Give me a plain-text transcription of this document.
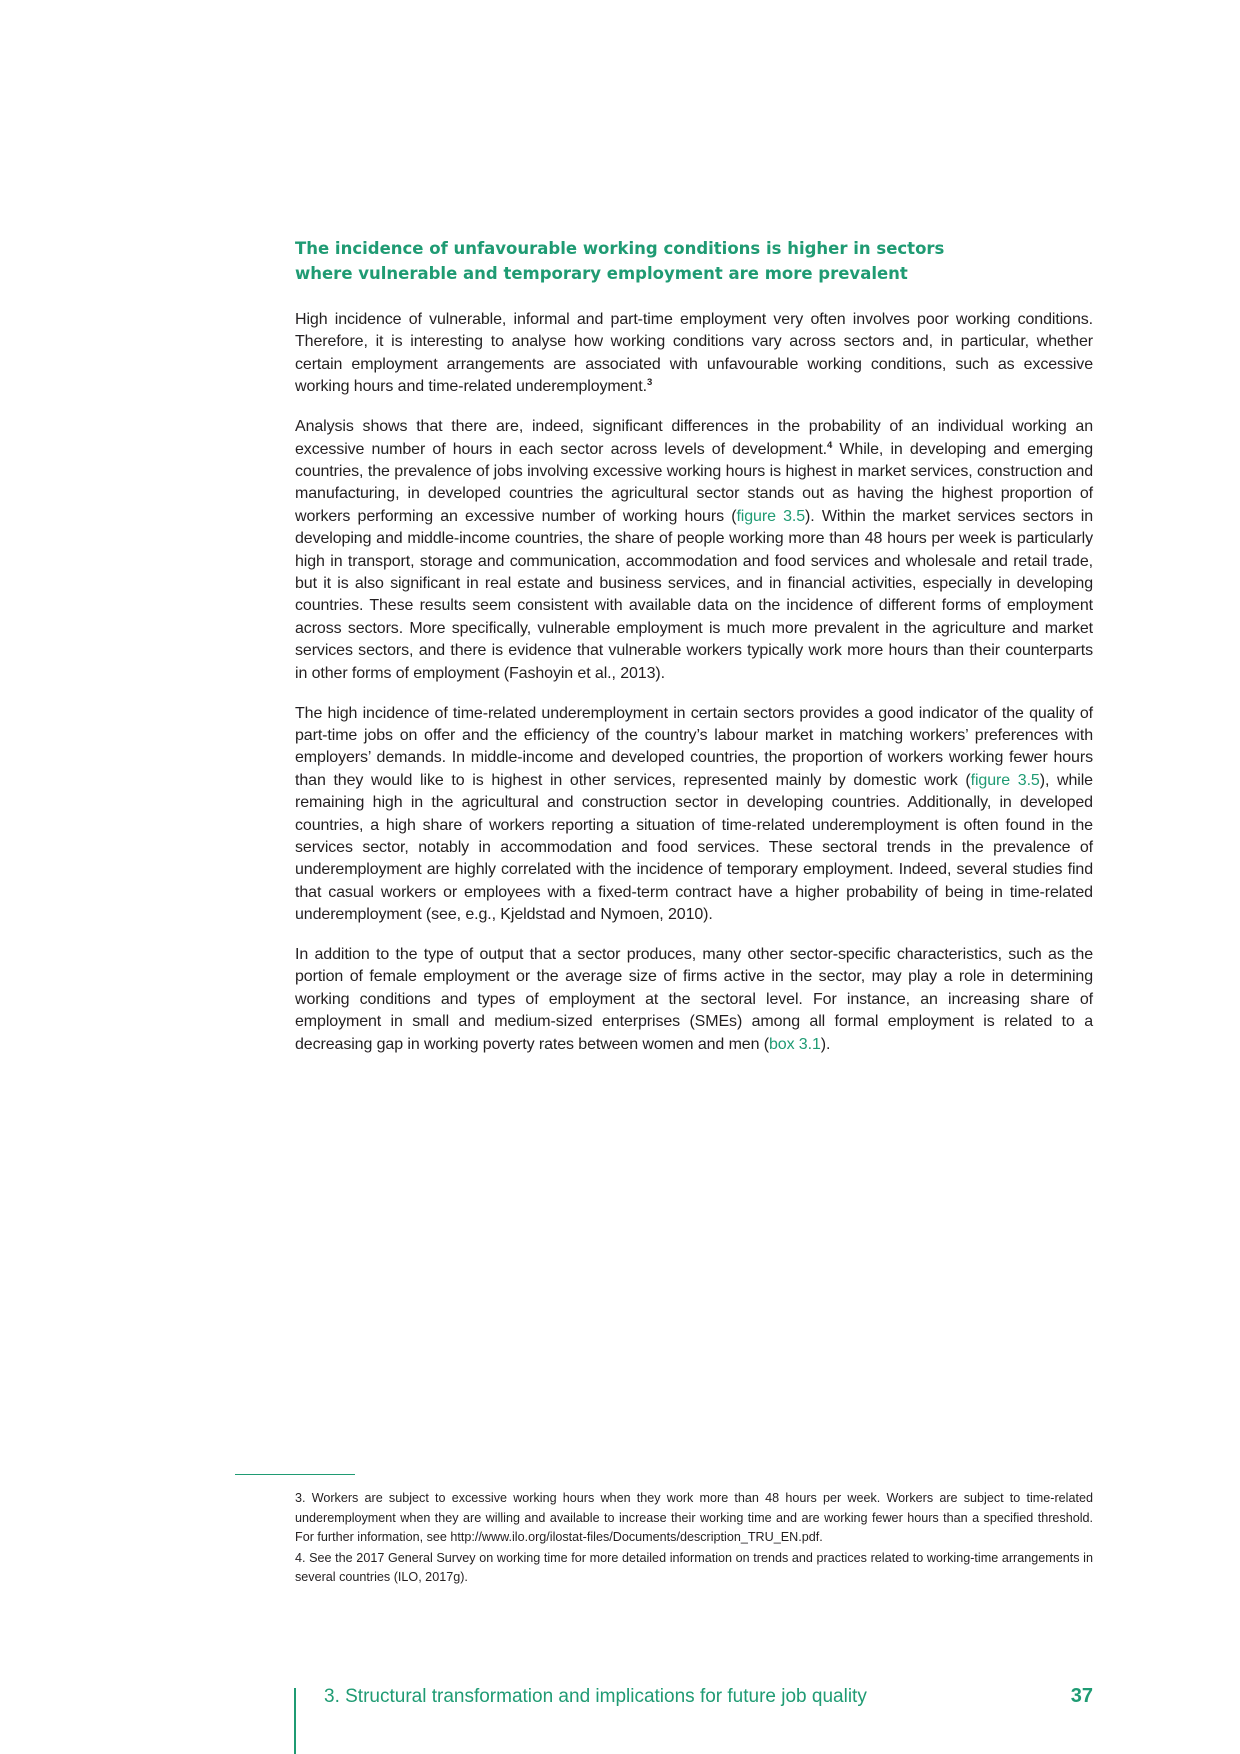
The incidence of unfavourable working conditions is higher in sectors
where vulnerable and temporary employment are more prevalent

High incidence of vulnerable, informal and part-time employment very often involves poor working conditions. Therefore, it is interesting to analyse how working conditions vary across sectors and, in particular, whether certain employment arrangements are associated with unfavourable working conditions, such as excessive working hours and time-related underemployment.$^3$

Analysis shows that there are, indeed, significant differences in the probability of an individual working an excessive number of hours in each sector across levels of development.$^4$ While, in developing and emerging countries, the prevalence of jobs involving excessive working hours is highest in market services, construction and manufacturing, in developed countries the agricultural sector stands out as having the highest proportion of workers performing an excessive number of working hours (figure 3.5). Within the market services sectors in developing and middle-income countries, the share of people working more than 48 hours per week is particularly high in transport, storage and communication, accommodation and food services and wholesale and retail trade, but it is also significant in real estate and business services, and in financial activities, especially in developing countries. These results seem consistent with available data on the incidence of different forms of employment across sectors. More specifically, vulnerable employment is much more prevalent in the agriculture and market services sectors, and there is evidence that vulnerable workers typically work more hours than their counterparts in other forms of employment (Fashoyin et al., 2013).

The high incidence of time-related underemployment in certain sectors provides a good indicator of the quality of part-time jobs on offer and the efficiency of the country’s labour market in matching workers’ preferences with employers’ demands. In middle-income and developed countries, the proportion of workers working fewer hours than they would like to is highest in other services, represented mainly by domestic work (figure 3.5), while remaining high in the agricultural and construction sector in developing countries. Additionally, in developed countries, a high share of workers reporting a situation of time-related underemployment is often found in the services sector, notably in accommodation and food services. These sectoral trends in the prevalence of underemployment are highly correlated with the incidence of temporary employment. Indeed, several studies find that casual workers or employees with a fixed-term contract have a higher probability of being in time-related underemployment (see, e.g., Kjeldstad and Nymoen, 2010).

In addition to the type of output that a sector produces, many other sector-specific characteristics, such as the portion of female employment or the average size of firms active in the sector, may play a role in determining working conditions and types of employment at the sectoral level. For instance, an increasing share of employment in small and medium-sized enterprises (SMEs) among all formal employment is related to a decreasing gap in working poverty rates between women and men (box 3.1).

3. Workers are subject to excessive working hours when they work more than 48 hours per week. Workers are subject to time-related underemployment when they are willing and available to increase their working time and are working fewer hours than a specified threshold. For further information, see http://www.ilo.org/ilostat-files/Documents/description_TRU_EN.pdf.

4. See the 2017 General Survey on working time for more detailed information on trends and practices related to working-time arrangements in several countries (ILO, 2017g).

3. Structural transformation and implications for future job quality	37
